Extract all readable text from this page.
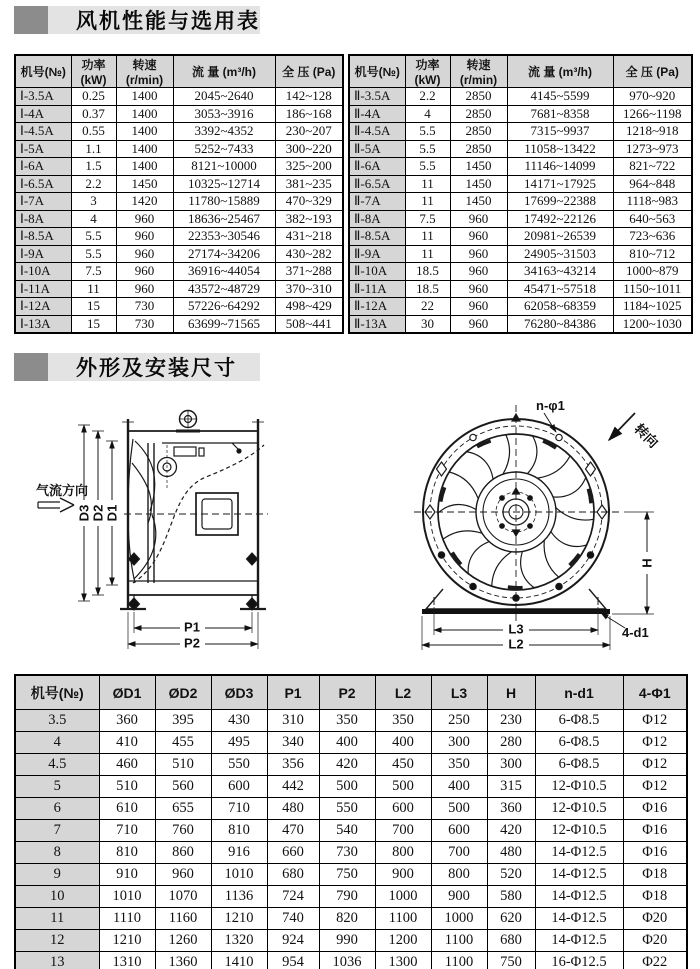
风机性能与选用表
机号(№)	功率(kW)	转速(r/min)	流 量 (m³/h)	全 压 (Pa)
Ⅰ-3.5A	0.25	1400	2045~2640	142~128
Ⅰ-4A	0.37	1400	3053~3916	186~168
Ⅰ-4.5A	0.55	1400	3392~4352	230~207
Ⅰ-5A	1.1	1400	5252~7433	300~220
Ⅰ-6A	1.5	1400	8121~10000	325~200
Ⅰ-6.5A	2.2	1450	10325~12714	381~235
Ⅰ-7A	3	1420	11780~15889	470~329
Ⅰ-8A	4	960	18636~25467	382~193
Ⅰ-8.5A	5.5	960	22353~30546	431~218
Ⅰ-9A	5.5	960	27174~34206	430~282
Ⅰ-10A	7.5	960	36916~44054	371~288
Ⅰ-11A	11	960	43572~48729	370~310
Ⅰ-12A	15	730	57226~64292	498~429
Ⅰ-13A	15	730	63699~71565	508~441
机号(№)	功率(kW)	转速(r/min)	流 量 (m³/h)	全 压 (Pa)
Ⅱ-3.5A	2.2	2850	4145~5599	970~920
Ⅱ-4A	4	2850	7681~8358	1266~1198
Ⅱ-4.5A	5.5	2850	7315~9937	1218~918
Ⅱ-5A	5.5	2850	11058~13422	1273~973
Ⅱ-6A	5.5	1450	11146~14099	821~722
Ⅱ-6.5A	11	1450	14171~17925	964~848
Ⅱ-7A	11	1450	17699~22388	1118~983
Ⅱ-8A	7.5	960	17492~22126	640~563
Ⅱ-8.5A	11	960	20981~26539	723~636
Ⅱ-9A	11	960	24905~31503	810~712
Ⅱ-10A	18.5	960	34163~43214	1000~879
Ⅱ-11A	18.5	960	45471~57518	1150~1011
Ⅱ-12A	22	960	62058~68359	1184~1025
Ⅱ-13A	30	960	76280~84386	1200~1030
外形及安装尺寸
D3 D2 D1
气流方向
P1
P2
n-φ1
转向
H
L3
L2
4-d1
机号(№)	ØD1	ØD2	ØD3	P1	P2	L2	L3	H	n-d1	4-Φ1
3.5	360	395	430	310	350	350	250	230	6-Φ8.5	Φ12
4	410	455	495	340	400	400	300	280	6-Φ8.5	Φ12
4.5	460	510	550	356	420	450	350	300	6-Φ8.5	Φ12
5	510	560	600	442	500	500	400	315	12-Φ10.5	Φ12
6	610	655	710	480	550	600	500	360	12-Φ10.5	Φ16
7	710	760	810	470	540	700	600	420	12-Φ10.5	Φ16
8	810	860	916	660	730	800	700	480	14-Φ12.5	Φ16
9	910	960	1010	680	750	900	800	520	14-Φ12.5	Φ18
10	1010	1070	1136	724	790	1000	900	580	14-Φ12.5	Φ18
11	1110	1160	1210	740	820	1100	1000	620	14-Φ12.5	Φ20
12	1210	1260	1320	924	990	1200	1100	680	14-Φ12.5	Φ20
13	1310	1360	1410	954	1036	1300	1100	750	16-Φ12.5	Φ22
